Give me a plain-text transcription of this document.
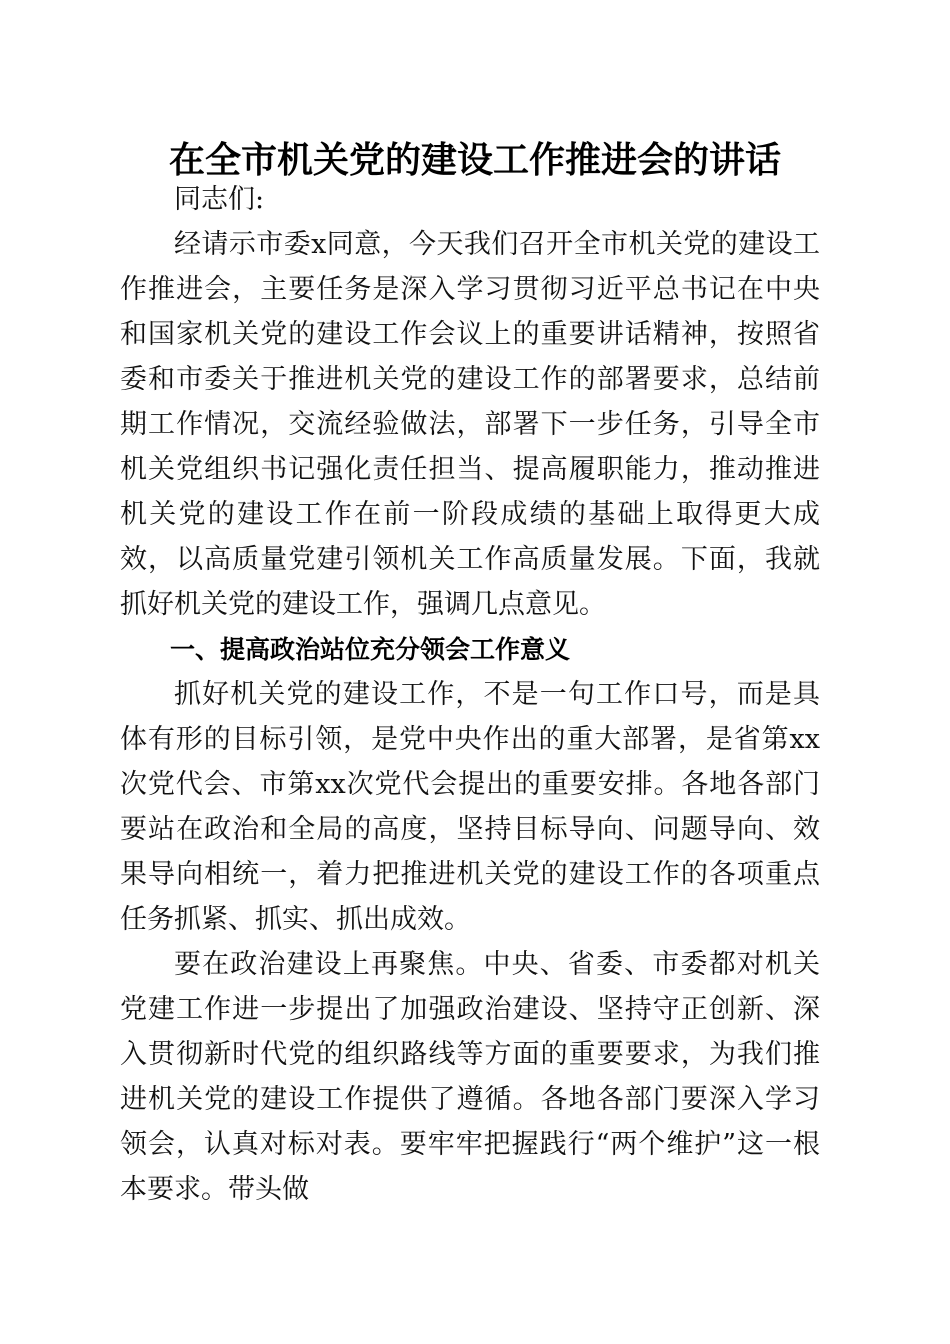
在全市机关党的建设工作推进会的讲话

同志们:

经请示市委x同意，今天我们召开全市机关党的建设工作推进会，主要任务是深入学习贯彻习近平总书记在中央和国家机关党的建设工作会议上的重要讲话精神，按照省委和市委关于推进机关党的建设工作的部署要求，总结前期工作情况，交流经验做法，部署下一步任务，引导全市机关党组织书记强化责任担当、提高履职能力，推动推进机关党的建设工作在前一阶段成绩的基础上取得更大成效，以高质量党建引领机关工作高质量发展。下面，我就抓好机关党的建设工作，强调几点意见。

一、提高政治站位充分领会工作意义

抓好机关党的建设工作，不是一句工作口号，而是具体有形的目标引领，是党中央作出的重大部署，是省第xx次党代会、市第xx次党代会提出的重要安排。各地各部门要站在政治和全局的高度，坚持目标导向、问题导向、效果导向相统一，着力把推进机关党的建设工作的各项重点任务抓紧、抓实、抓出成效。

要在政治建设上再聚焦。中央、省委、市委都对机关党建工作进一步提出了加强政治建设、坚持守正创新、深入贯彻新时代党的组织路线等方面的重要要求，为我们推进机关党的建设工作提供了遵循。各地各部门要深入学习领会，认真对标对表。要牢牢把握践行“两个维护”这一根本要求。带头做
